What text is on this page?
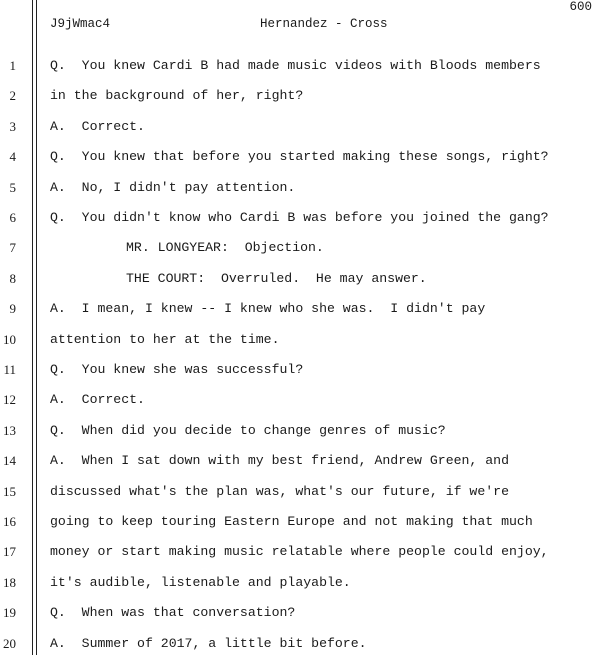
600
J9jWmac4	Hernandez - Cross
1	Q.  You knew Cardi B had made music videos with Bloods members
2	in the background of her, right?
3	A.  Correct.
4	Q.  You knew that before you started making these songs, right?
5	A.  No, I didn't pay attention.
6	Q.  You didn't know who Cardi B was before you joined the gang?
7	MR. LONGYEAR:  Objection.
8	THE COURT:  Overruled.  He may answer.
9	A.  I mean, I knew -- I knew who she was.  I didn't pay
10	attention to her at the time.
11	Q.  You knew she was successful?
12	A.  Correct.
13	Q.  When did you decide to change genres of music?
14	A.  When I sat down with my best friend, Andrew Green, and
15	discussed what's the plan was, what's our future, if we're
16	going to keep touring Eastern Europe and not making that much
17	money or start making music relatable where people could enjoy,
18	it's audible, listenable and playable.
19	Q.  When was that conversation?
20	A.  Summer of 2017, a little bit before.
